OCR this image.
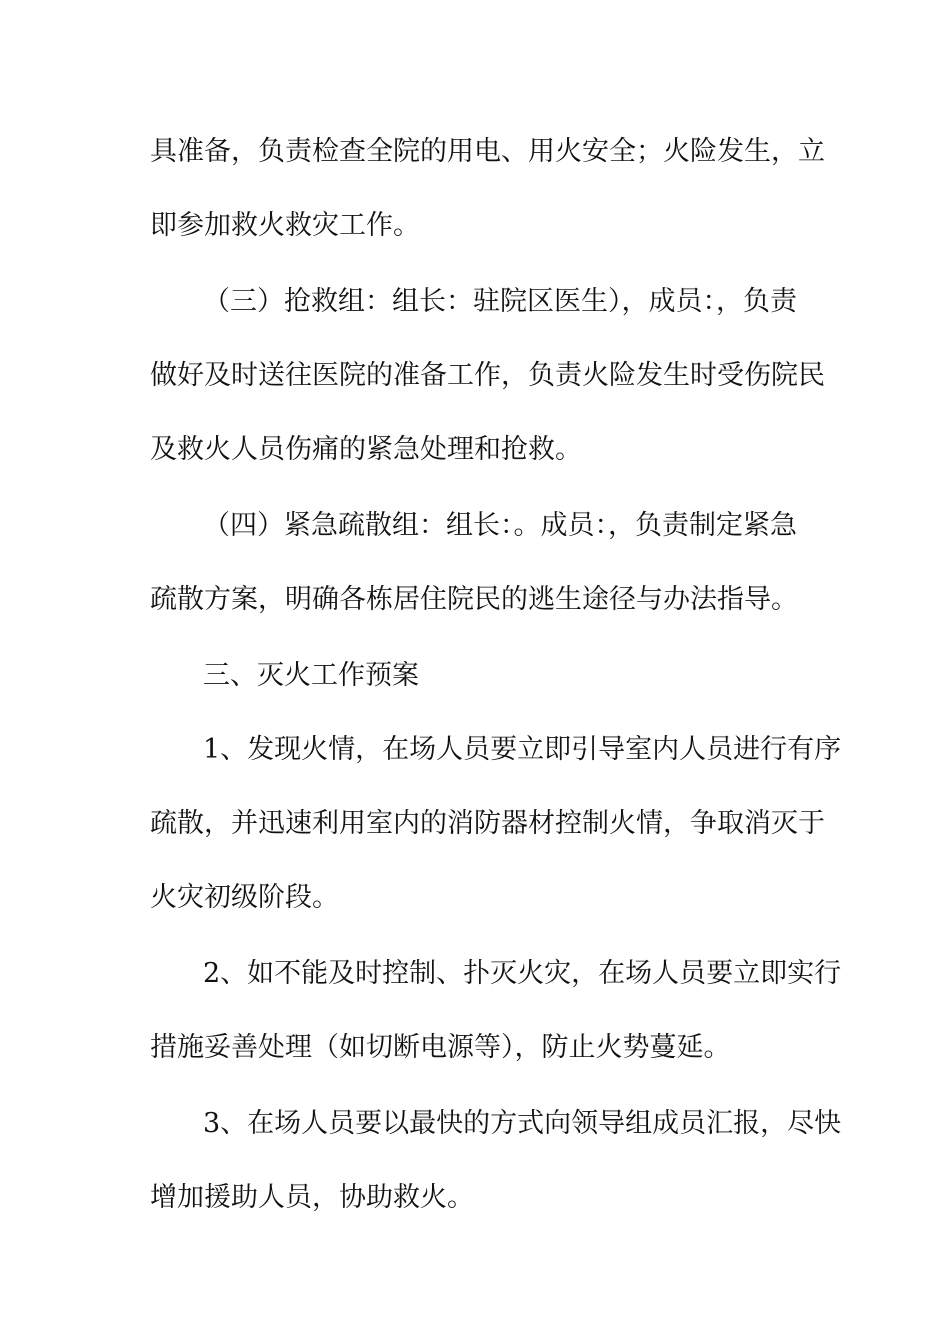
具准备，负责检查全院的用电、用火安全；火险发生，立
即参加救火救灾工作。
（三）抢救组：组长：驻院区医生），成员：，负责
做好及时送往医院的准备工作，负责火险发生时受伤院民
及救火人员伤痛的紧急处理和抢救。
（四）紧急疏散组：组长：。成员：，负责制定紧急
疏散方案，明确各栋居住院民的逃生途径与办法指导。
三、灭火工作预案
1、发现火情，在场人员要立即引导室内人员进行有序
疏散，并迅速利用室内的消防器材控制火情，争取消灭于
火灾初级阶段。
2、如不能及时控制、扑灭火灾，在场人员要立即实行
措施妥善处理（如切断电源等），防止火势蔓延。
3、在场人员要以最快的方式向领导组成员汇报，尽快
增加援助人员，协助救火。
